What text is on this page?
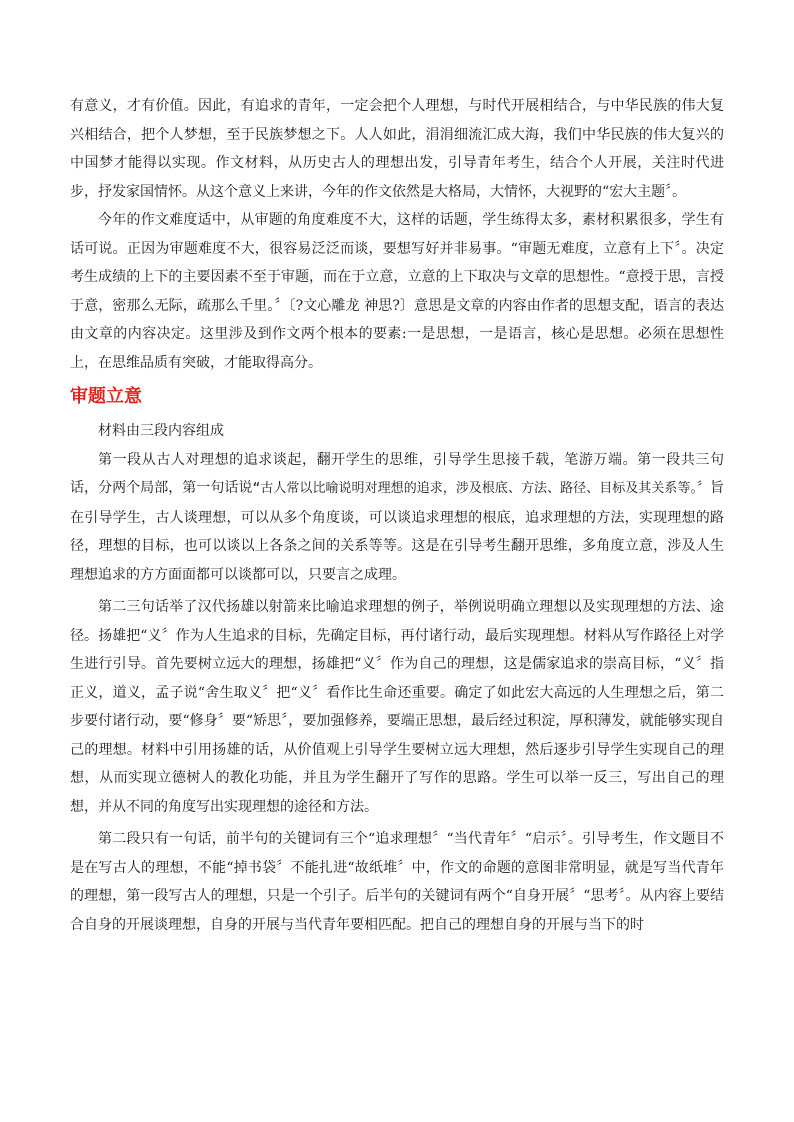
有意义，才有价值。因此，有追求的青年，一定会把个人理想，与时代开展相结合，与中华民族的伟大复兴相结合，把个人梦想，至于民族梦想之下。人人如此，涓涓细流汇成大海，我们中华民族的伟大复兴的中国梦才能得以实现。作文材料，从历史古人的理想出发，引导青年考生，结合个人开展，关注时代进步，抒发家国情怀。从这个意义上来讲，今年的作文依然是大格局，大情怀，大视野的“宏大主题〞。

今年的作文难度适中，从审题的角度难度不大，这样的话题，学生练得太多，素材积累很多，学生有话可说。正因为审题难度不大，很容易泛泛而谈，要想写好并非易事。“审题无难度，立意有上下〞。决定考生成绩的上下的主要因素不至于审题，而在于立意，立意的上下取决与文章的思想性。“意授于思，言授于意，密那么无际，疏那么千里。〞〔?文心雕龙 神思?〕意思是文章的内容由作者的思想支配，语言的表达由文章的内容决定。这里涉及到作文两个根本的要素:一是思想，一是语言，核心是思想。必须在思想性上，在思维品质有突破，才能取得高分。

审题立意

材料由三段内容组成

第一段从古人对理想的追求谈起，翻开学生的思维，引导学生思接千载，笔游万端。第一段共三句话，分两个局部，第一句话说“古人常以比喻说明对理想的追求，涉及根底、方法、路径、目标及其关系等。〞旨在引导学生，古人谈理想，可以从多个角度谈，可以谈追求理想的根底，追求理想的方法，实现理想的路径，理想的目标，也可以谈以上各条之间的关系等等。这是在引导考生翻开思维，多角度立意，涉及人生理想追求的方方面面都可以谈都可以，只要言之成理。

第二三句话举了汉代扬雄以射箭来比喻追求理想的例子，举例说明确立理想以及实现理想的方法、途径。扬雄把“义〞作为人生追求的目标，先确定目标，再付诸行动，最后实现理想。材料从写作路径上对学生进行引导。首先要树立远大的理想，扬雄把“义〞作为自己的理想，这是儒家追求的崇高目标，“义〞指正义，道义，孟子说“舍生取义〞把“义〞看作比生命还重要。确定了如此宏大高远的人生理想之后，第二步要付诸行动，要“修身〞要“矫思〞，要加强修养，要端正思想，最后经过积淀，厚积薄发，就能够实现自己的理想。材料中引用扬雄的话，从价值观上引导学生要树立远大理想，然后逐步引导学生实现自己的理想，从而实现立德树人的教化功能，并且为学生翻开了写作的思路。学生可以举一反三，写出自己的理想，并从不同的角度写出实现理想的途径和方法。

第二段只有一句话，前半句的关键词有三个“追求理想〞“当代青年〞“启示〞。引导考生，作文题目不是在写古人的理想，不能“掉书袋〞不能扎进“故纸堆〞中，作文的命题的意图非常明显，就是写当代青年的理想，第一段写古人的理想，只是一个引子。后半句的关键词有两个“自身开展〞“思考〞。从内容上要结合自身的开展谈理想，自身的开展与当代青年要相匹配。把自己的理想自身的开展与当下的时
